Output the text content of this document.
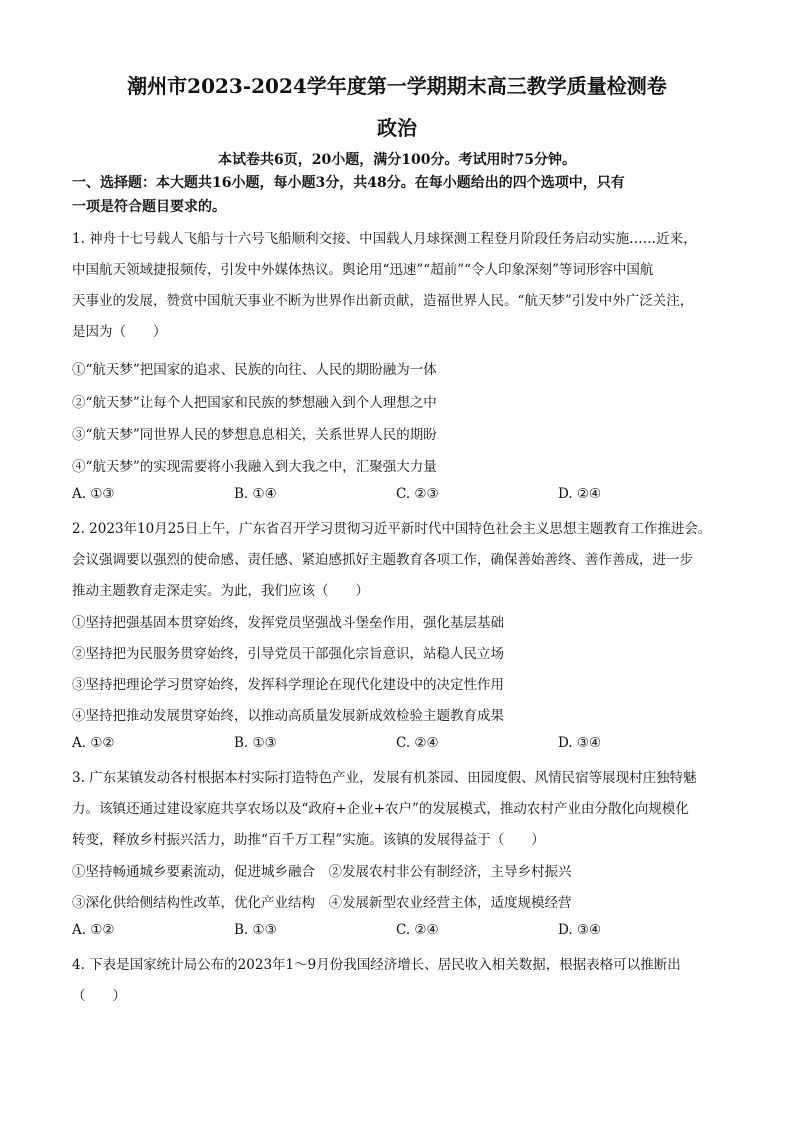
潮州市2023-2024学年度第一学期期末高三教学质量检测卷
政治
本试卷共6页，20小题，满分100分。考试用时75分钟。
一、选择题：本大题共16小题，每小题3分，共48分。在每小题给出的四个选项中，只有
一项是符合题目要求的。
1. 神舟十七号载人飞船与十六号飞船顺利交接、中国载人月球探测工程登月阶段任务启动实施……近来，
中国航天领域捷报频传，引发中外媒体热议。舆论用“迅速”“超前”“令人印象深刻”等词形容中国航
天事业的发展，赞赏中国航天事业不断为世界作出新贡献，造福世界人民。“航天梦”引发中外广泛关注，
是因为（　　）
①“航天梦”把国家的追求、民族的向往、人民的期盼融为一体
②“航天梦”让每个人把国家和民族的梦想融入到个人理想之中
③“航天梦”同世界人民的梦想息息相关，关系世界人民的期盼
④“航天梦”的实现需要将小我融入到大我之中，汇聚强大力量
A. ①③	B. ①④	C. ②③	D. ②④
2. 2023年10月25日上午，广东省召开学习贯彻习近平新时代中国特色社会主义思想主题教育工作推进会。
会议强调要以强烈的使命感、责任感、紧迫感抓好主题教育各项工作，确保善始善终、善作善成，进一步
推动主题教育走深走实。为此，我们应该（　　）
①坚持把强基固本贯穿始终，发挥党员坚强战斗堡垒作用，强化基层基础
②坚持把为民服务贯穿始终，引导党员干部强化宗旨意识，站稳人民立场
③坚持把理论学习贯穿始终，发挥科学理论在现代化建设中的决定性作用
④坚持把推动发展贯穿始终，以推动高质量发展新成效检验主题教育成果
A. ①②	B. ①③	C. ②④	D. ③④
3. 广东某镇发动各村根据本村实际打造特色产业，发展有机茶园、田园度假、风情民宿等展现村庄独特魅
力。该镇还通过建设家庭共享农场以及“政府+企业+农户”的发展模式，推动农村产业由分散化向规模化
转变，释放乡村振兴活力，助推“百千万工程”实施。该镇的发展得益于（　　）
①坚持畅通城乡要素流动，促进城乡融合　②发展农村非公有制经济，主导乡村振兴
③深化供给侧结构性改革，优化产业结构　④发展新型农业经营主体，适度规模经营
A. ①②	B. ①③	C. ②④	D. ③④
4. 下表是国家统计局公布的2023年1～9月份我国经济增长、居民收入相关数据，根据表格可以推断出
（　　）
